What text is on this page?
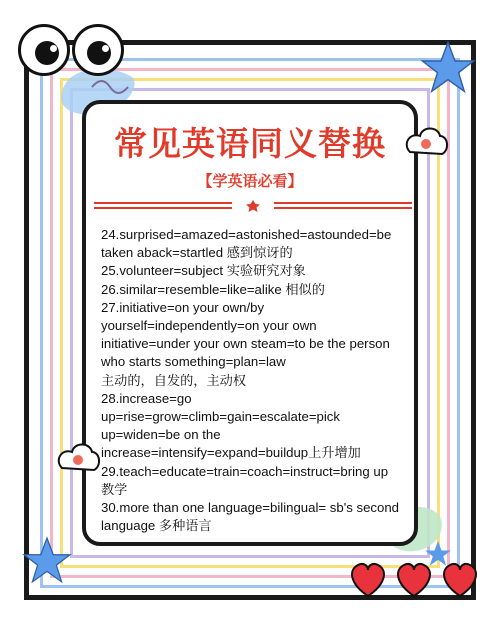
常见英语同义替换
【学英语必看】

24.surprised=amazed=astonished=astounded=be

taken aback=startled 感到惊讶的

25.volunteer=subject 实验研究对象

26.similar=resemble=like=alike 相似的

27.initiative=on your own/by

yourself=independently=on your own

initiative=under your own steam=to be the person

who starts something=plan=law

主动的，自发的，主动权

28.increase=go

up=rise=grow=climb=gain=escalate=pick

up=widen=be on the

increase=intensify=expand=buildup上升增加

29.teach=educate=train=coach=instruct=bring up

教学

30.more than one language=bilingual= sb's second

language 多种语言
